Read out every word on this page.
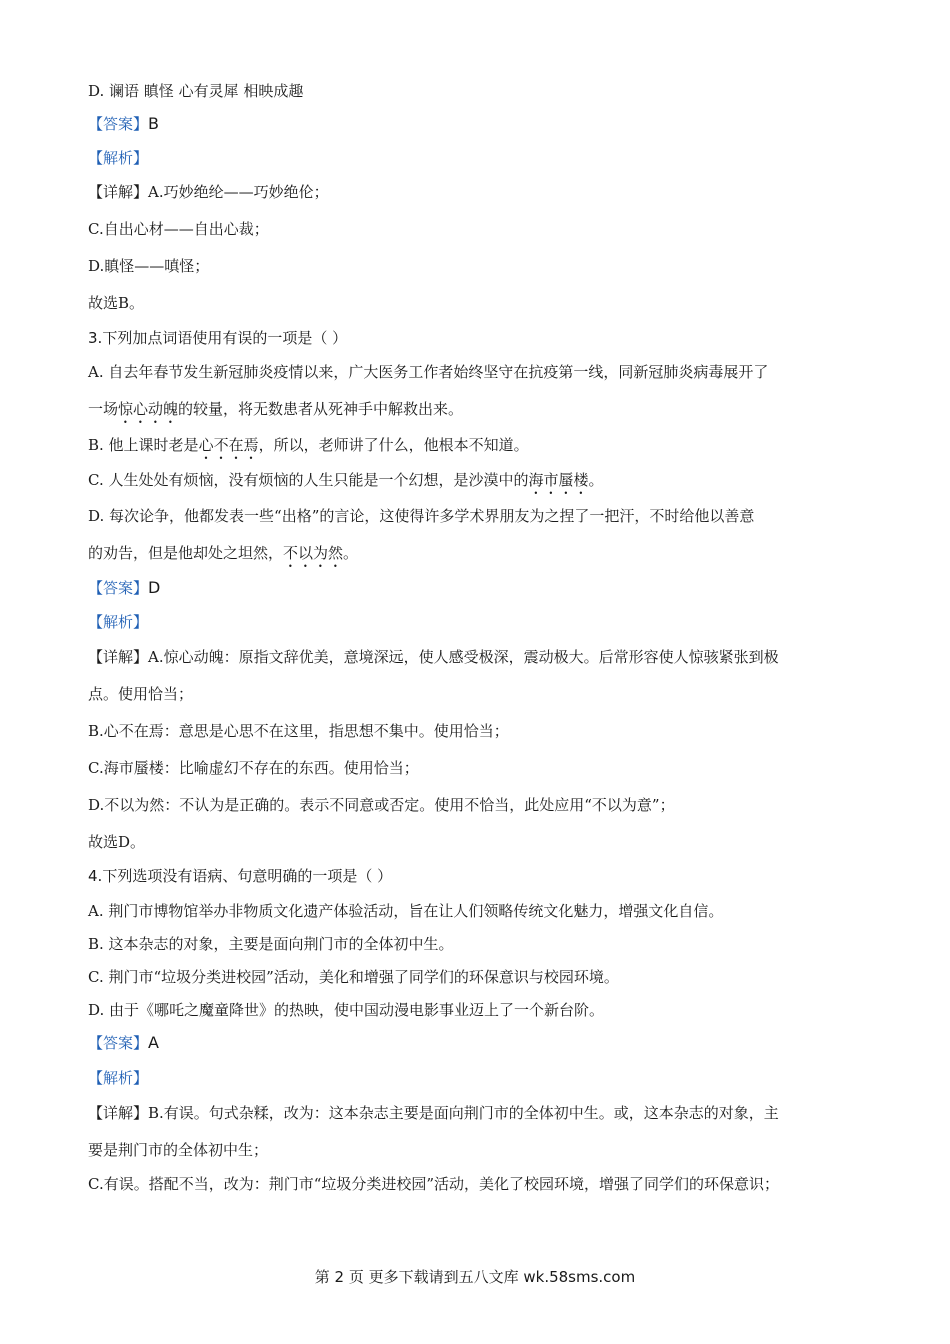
D. 谰语 瞋怪 心有灵犀 相映成趣
【答案】B
【解析】
【详解】A.巧妙绝纶——巧妙绝伦；
C.自出心材——自出心裁；
D.瞋怪——嗔怪；
故选B。
3.下列加点词语使用有误的一项是（ ）
A. 自去年春节发生新冠肺炎疫情以来，广大医务工作者始终坚守在抗疫第一线，同新冠肺炎病毒展开了
一场惊心动魄的较量，将无数患者从死神手中解救出来。
B. 他上课时老是心不在焉，所以，老师讲了什么，他根本不知道。
C. 人生处处有烦恼，没有烦恼的人生只能是一个幻想，是沙漠中的海市蜃楼。
D. 每次论争，他都发表一些“出格”的言论，这使得许多学术界朋友为之捏了一把汗，不时给他以善意
的劝告，但是他却处之坦然，不以为然。
【答案】D
【解析】
【详解】A.惊心动魄：原指文辞优美，意境深远，使人感受极深，震动极大。后常形容使人惊骇紧张到极
点。使用恰当；
B.心不在焉：意思是心思不在这里，指思想不集中。使用恰当；
C.海市蜃楼：比喻虚幻不存在的东西。使用恰当；
D.不以为然：不认为是正确的。表示不同意或否定。使用不恰当，此处应用“不以为意”；
故选D。
4.下列选项没有语病、句意明确的一项是（ ）
A. 荆门市博物馆举办非物质文化遗产体验活动，旨在让人们领略传统文化魅力，增强文化自信。
B. 这本杂志的对象，主要是面向荆门市的全体初中生。
C. 荆门市“垃圾分类进校园”活动，美化和增强了同学们的环保意识与校园环境。
D. 由于《哪吒之魔童降世》的热映，使中国动漫电影事业迈上了一个新台阶。
【答案】A
【解析】
【详解】B.有误。句式杂糅，改为：这本杂志主要是面向荆门市的全体初中生。或，这本杂志的对象，主
要是荆门市的全体初中生；
C.有误。搭配不当，改为：荆门市“垃圾分类进校园”活动，美化了校园环境，增强了同学们的环保意识；
第 2 页 更多下载请到五八文库 wk.58sms.com
